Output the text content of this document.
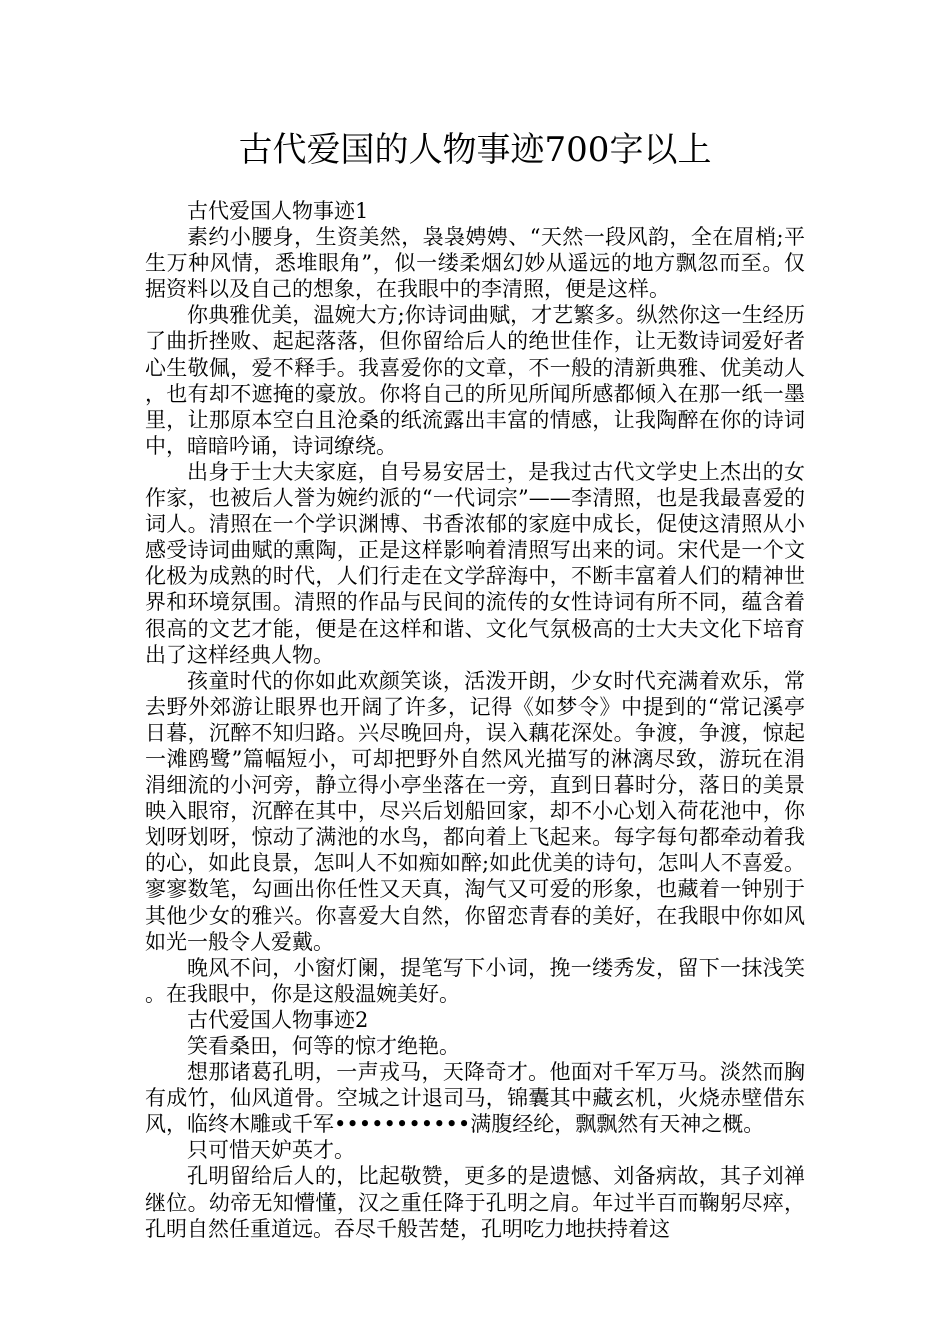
古代爱国的人物事迹700字以上

古代爱国人物事迹1

素约小腰身，生资美然，袅袅娉娉、“天然一段风韵，全在眉梢;平生万种风情，悉堆眼角”，似一缕柔烟幻妙从遥远的地方飘忽而至。仅据资料以及自己的想象，在我眼中的李清照，便是这样。

你典雅优美，温婉大方;你诗词曲赋，才艺繁多。纵然你这一生经历了曲折挫败、起起落落，但你留给后人的绝世佳作，让无数诗词爱好者心生敬佩，爱不释手。我喜爱你的文章，不一般的清新典雅、优美动人，也有却不遮掩的豪放。你将自己的所见所闻所感都倾入在那一纸一墨里，让那原本空白且沧桑的纸流露出丰富的情感，让我陶醉在你的诗词中，暗暗吟诵，诗词缭绕。

出身于士大夫家庭，自号易安居士，是我过古代文学史上杰出的女作家，也被后人誉为婉约派的“一代词宗”——李清照，也是我最喜爱的词人。清照在一个学识渊博、书香浓郁的家庭中成长，促使这清照从小感受诗词曲赋的熏陶，正是这样影响着清照写出来的词。宋代是一个文化极为成熟的时代，人们行走在文学辞海中，不断丰富着人们的精神世界和环境氛围。清照的作品与民间的流传的女性诗词有所不同，蕴含着很高的文艺才能，便是在这样和谐、文化气氛极高的士大夫文化下培育出了这样经典人物。

孩童时代的你如此欢颜笑谈，活泼开朗，少女时代充满着欢乐，常去野外郊游让眼界也开阔了许多，记得《如梦令》中提到的“常记溪亭日暮，沉醉不知归路。兴尽晚回舟，误入藕花深处。争渡，争渡，惊起一滩鸥鹭”篇幅短小，可却把野外自然风光描写的淋漓尽致，游玩在涓涓细流的小河旁，静立得小亭坐落在一旁，直到日暮时分，落日的美景映入眼帘，沉醉在其中，尽兴后划船回家，却不小心划入荷花池中，你划呀划呀，惊动了满池的水鸟，都向着上飞起来。每字每句都牵动着我的心，如此良景，怎叫人不如痴如醉;如此优美的诗句，怎叫人不喜爱。寥寥数笔，勾画出你任性又天真，淘气又可爱的形象，也藏着一钟别于其他少女的雅兴。你喜爱大自然，你留恋青春的美好，在我眼中你如风如光一般令人爱戴。

晚风不问，小窗灯阑，提笔写下小词，挽一缕秀发，留下一抹浅笑。在我眼中，你是这般温婉美好。

古代爱国人物事迹2

笑看桑田，何等的惊才绝艳。

想那诸葛孔明，一声戎马，天降奇才。他面对千军万马。淡然而胸有成竹，仙风道骨。空城之计退司马，锦囊其中藏玄机，火烧赤壁借东风，临终木雕或千军•••••••••••满腹经纶，飘飘然有天神之概。

只可惜天妒英才。

孔明留给后人的，比起敬赞，更多的是遗憾、刘备病故，其子刘禅继位。幼帝无知懵懂，汉之重任降于孔明之肩。年过半百而鞠躬尽瘁，孔明自然任重道远。吞尽千般苦楚，孔明吃力地扶持着这
